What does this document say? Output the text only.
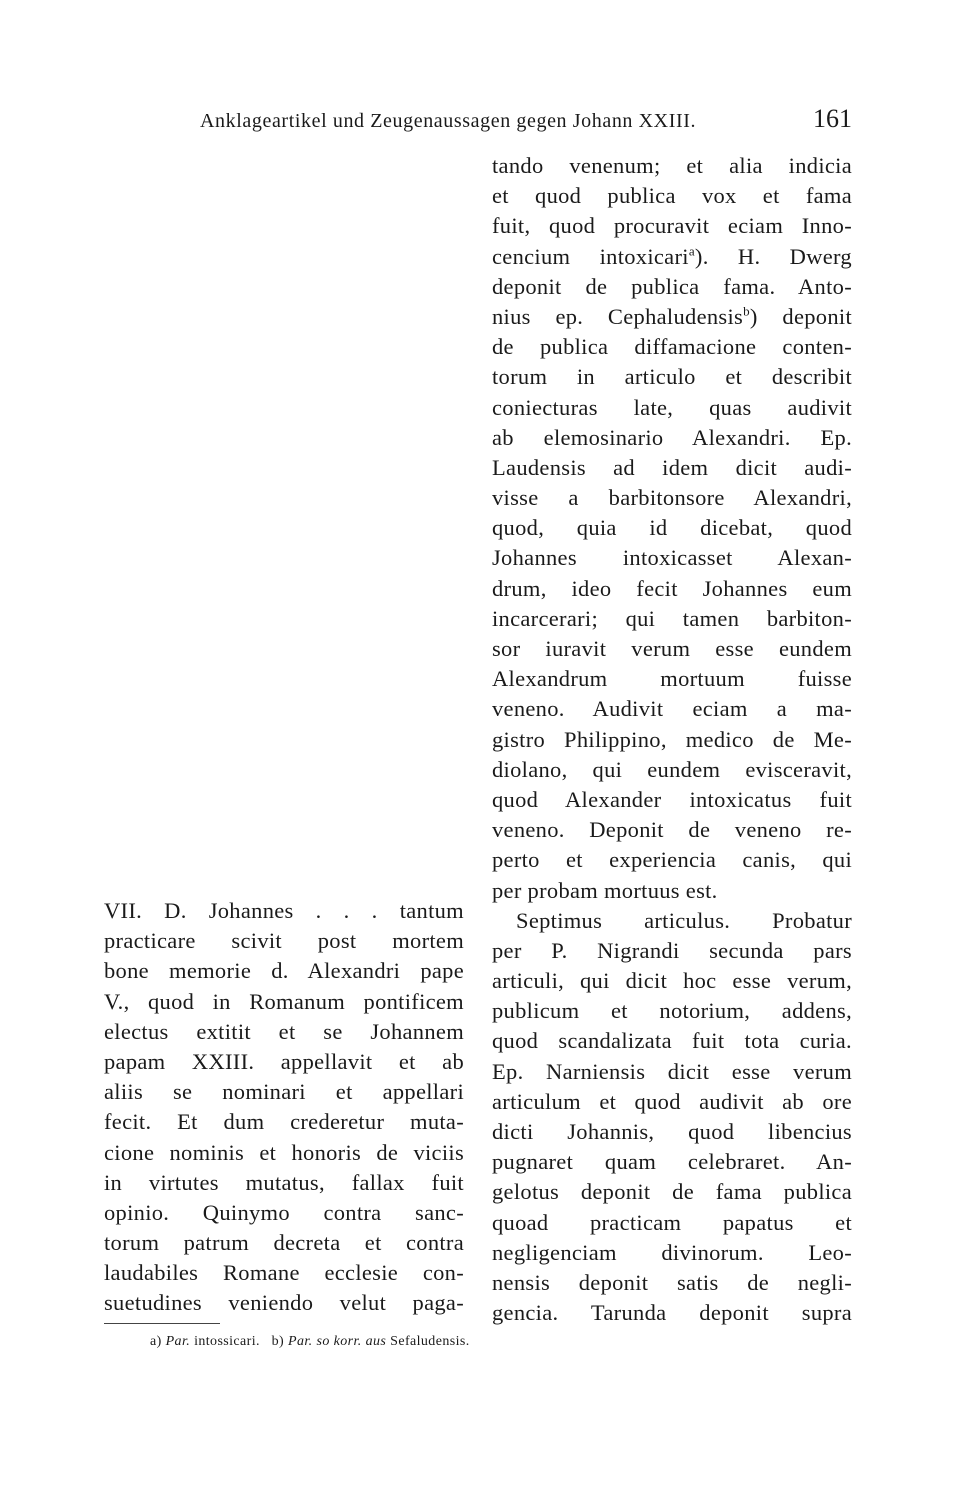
Anklageartikel und Zeugenaussagen gegen Johann XXIII.	161
tando venenum; et alia indicia
et quod publica vox et fama
fuit, quod procuravit eciam Inno-
cencium intoxicari$^a$). H. Dwerg
deponit de publica fama. Anto-
nius ep. Cephaludensis$^b$) deponit
de publica diffamacione conten-
torum in articulo et describit
coniecturas late, quas audivit
ab elemosinario Alexandri. Ep.
Laudensis ad idem dicit audi-
visse a barbitonsore Alexandri,
quod, quia id dicebat, quod
Johannes intoxicasset Alexan-
drum, ideo fecit Johannes eum
incarcerari; qui tamen barbiton-
sor iuravit verum esse eundem
Alexandrum mortuum fuisse
veneno. Audivit eciam a ma-
gistro Philippino, medico de Me-
diolano, qui eundem evisceravit,
quod Alexander intoxicatus fuit
veneno. Deponit de veneno re-
perto et experiencia canis, qui
per probam mortuus est.
Septimus articulus. Probatur
per P. Nigrandi secunda pars
articuli, qui dicit hoc esse verum,
publicum et notorium, addens,
quod scandalizata fuit tota curia.
Ep. Narniensis dicit esse verum
articulum et quod audivit ab ore
dicti Johannis, quod libencius
pugnaret quam celebraret. An-
gelotus deponit de fama publica
quoad practicam papatus et
negligenciam divinorum. Leo-
nensis deponit satis de negli-
gencia. Tarunda deponit supra
VII. D. Johannes . . . tantum
practicare scivit post mortem
bone memorie d. Alexandri pape
V., quod in Romanum pontificem
electus extitit et se Johannem
papam XXIII. appellavit et ab
aliis se nominari et appellari
fecit. Et dum crederetur muta-
cione nominis et honoris de viciis
in virtutes mutatus, fallax fuit
opinio. Quinymo contra sanc-
torum patrum decreta et contra
laudabiles Romane ecclesie con-
suetudines veniendo velut paga-
a) Par. intossicari. b) Par. so korr. aus Sefaludensis.
